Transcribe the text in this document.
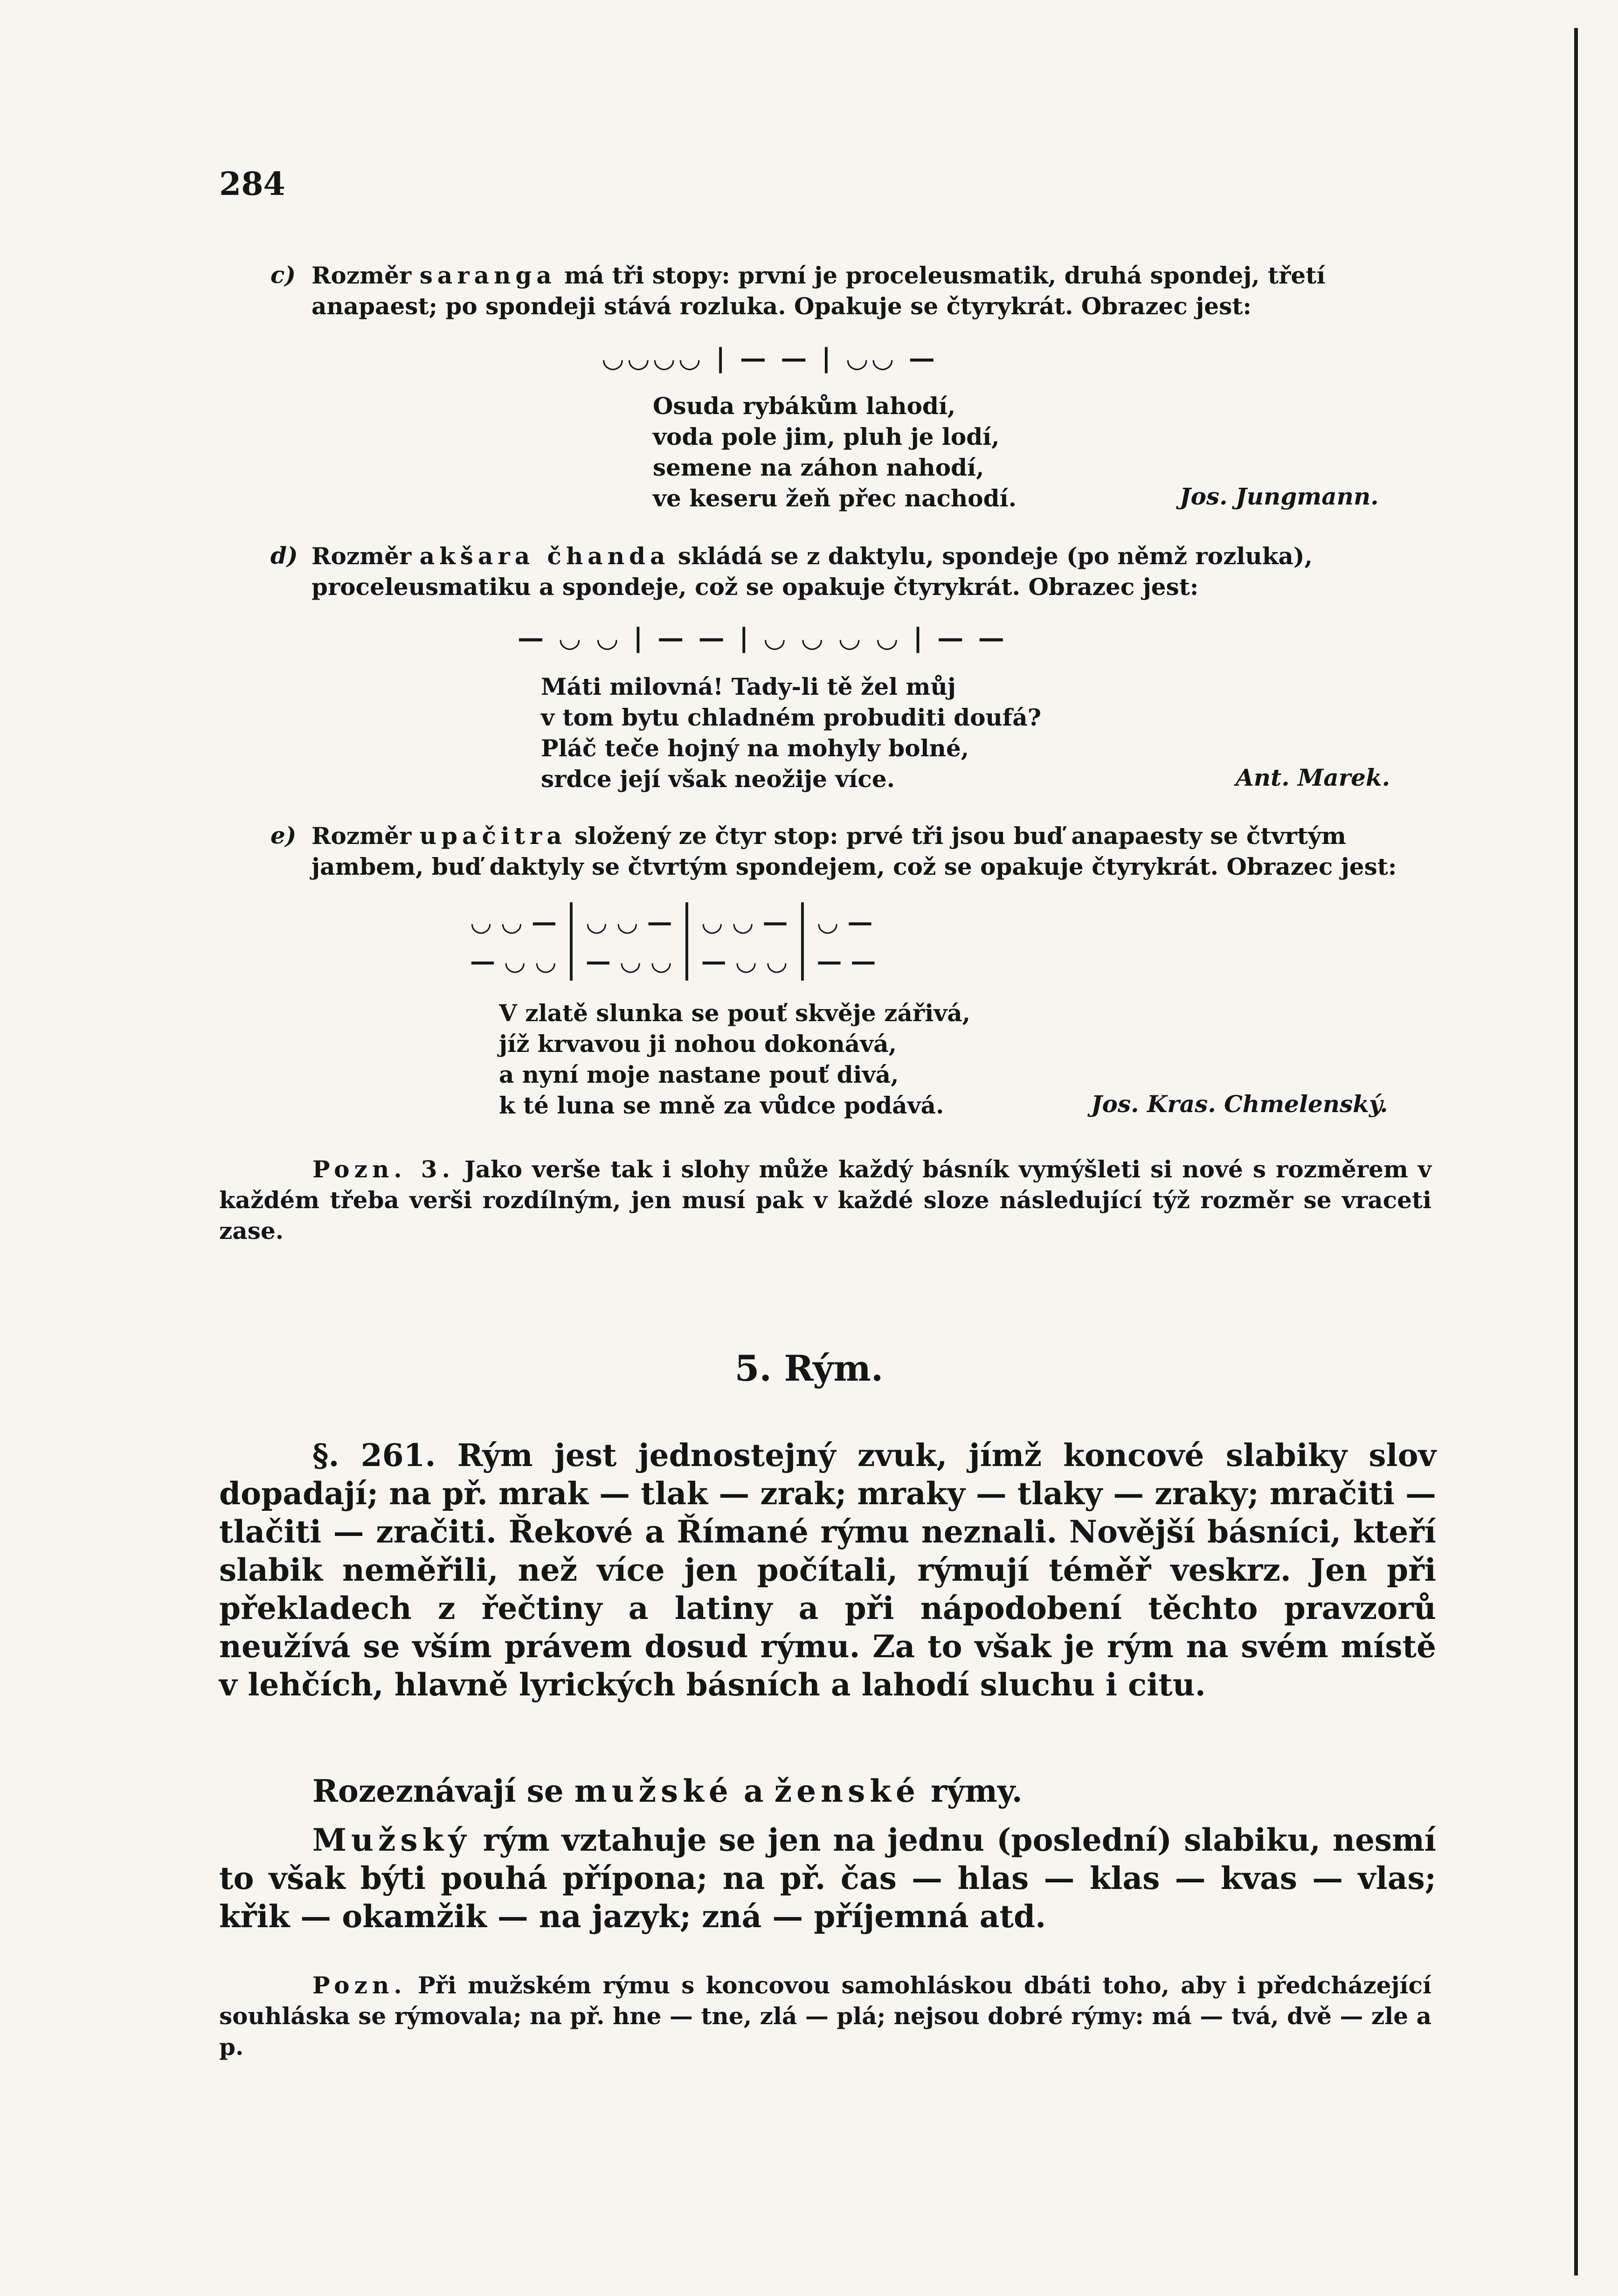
284
c) Rozměr saranga má tři stopy: první je proceleusmatik, druhá spondej, třetí
anapaest; po spondeji stává rozluka. Opakuje se čtyrykrát. Obrazec jest:
◡◡◡◡ | — — | ◡◡ —
Osuda rybákům lahodí,
voda pole jim, pluh je lodí,
semene na záhon nahodí,
ve keseru žeň přec nachodí.	Jos. Jungmann.
d) Rozměr akšara čhanda skládá se z daktylu, spondeje (po němž rozluka),
proceleusmatiku a spondeje, což se opakuje čtyrykrát. Obrazec jest:
— ◡ ◡ | — — | ◡ ◡ ◡ ◡ | — —
Máti milovná! Tady-li tě žel můj
v tom bytu chladném probuditi doufá?
Pláč teče hojný na mohyly bolné,
srdce její však neožije více.	Ant. Marek.
e) Rozměr upačitra složený ze čtyr stop: prvé tři jsou buď anapaesty se čtvrtým
jambem, buď daktyly se čtvrtým spondejem, což se opakuje čtyrykrát. Obrazec jest:
◡ ◡ —	◡ ◡ —	◡ ◡ —	◡ —
— ◡ ◡	— ◡ ◡	— ◡ ◡	— —
V zlatě slunka se pouť skvěje zářivá,
jíž krvavou ji nohou dokonává,
a nyní moje nastane pouť divá,
k té luna se mně za vůdce podává.	Jos. Kras. Chmelenský.
Pozn. 3. Jako verše tak i slohy může každý básník vymýšleti si nové s rozměrem v každém třeba verši rozdílným, jen musí pak v každé sloze následující týž rozměr se vraceti zase.
5. Rým.
§. 261. Rým jest jednostejný zvuk, jímž koncové slabiky slov dopadají; na př. mrak — tlak — zrak; mraky — tlaky — zraky; mračiti — tlačiti — zračiti. Řekové a Římané rýmu neznali. Novější básníci, kteří slabik neměřili, než více jen počítali, rýmují téměř veskrz. Jen při překladech z řečtiny a latiny a při nápodobení těchto pravzorů neužívá se vším právem dosud rýmu. Za to však je rým na svém místě v lehčích, hlavně lyrických básních a lahodí sluchu i citu.
Rozeznávají se mužské a ženské rýmy.
Mužský rým vztahuje se jen na jednu (poslední) slabiku, nesmí to však býti pouhá přípona; na př. čas — hlas — klas — kvas — vlas; křik — okamžik — na jazyk; zná — příjemná atd.
Pozn. Při mužském rýmu s koncovou samohláskou dbáti toho, aby i předcházející souhláska se rýmovala; na př. hne — tne, zlá — plá; nejsou dobré rýmy: má — tvá, dvě — zle a p.
